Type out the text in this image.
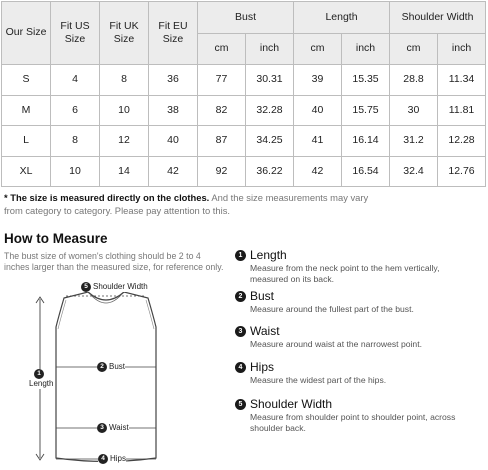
Our Size	Fit US Size	Fit UK Size	Fit EU Size	Bust		Length		Shoulder Width	
				cm	inch	cm	inch	cm	inch
S	4	8	36	77	30.31	39	15.35	28.8	11.34
M	6	10	38	82	32.28	40	15.75	30	11.81
L	8	12	40	87	34.25	41	16.14	31.2	12.28
XL	10	14	42	92	36.22	42	16.54	32.4	12.76
* The size is measured directly on the clothes. And the size measurements may vary from category to category. Please pay attention to this.
How to Measure
The bust size of women's clothing should be 2 to 4 inches larger than the measured size, for reference only.
5 Shoulder Width
2 Bust
3 Waist
4 Hips
1
Length
1 Length
Measure from the neck point to the hem vertically, measured on its back.
2 Bust
Measure around the fullest part of the bust.
3 Waist
Measure around waist at the narrowest point.
4 Hips
Measure the widest part of the hips.
5 Shoulder Width
Measure from shoulder point to shoulder point, across shoulder back.
